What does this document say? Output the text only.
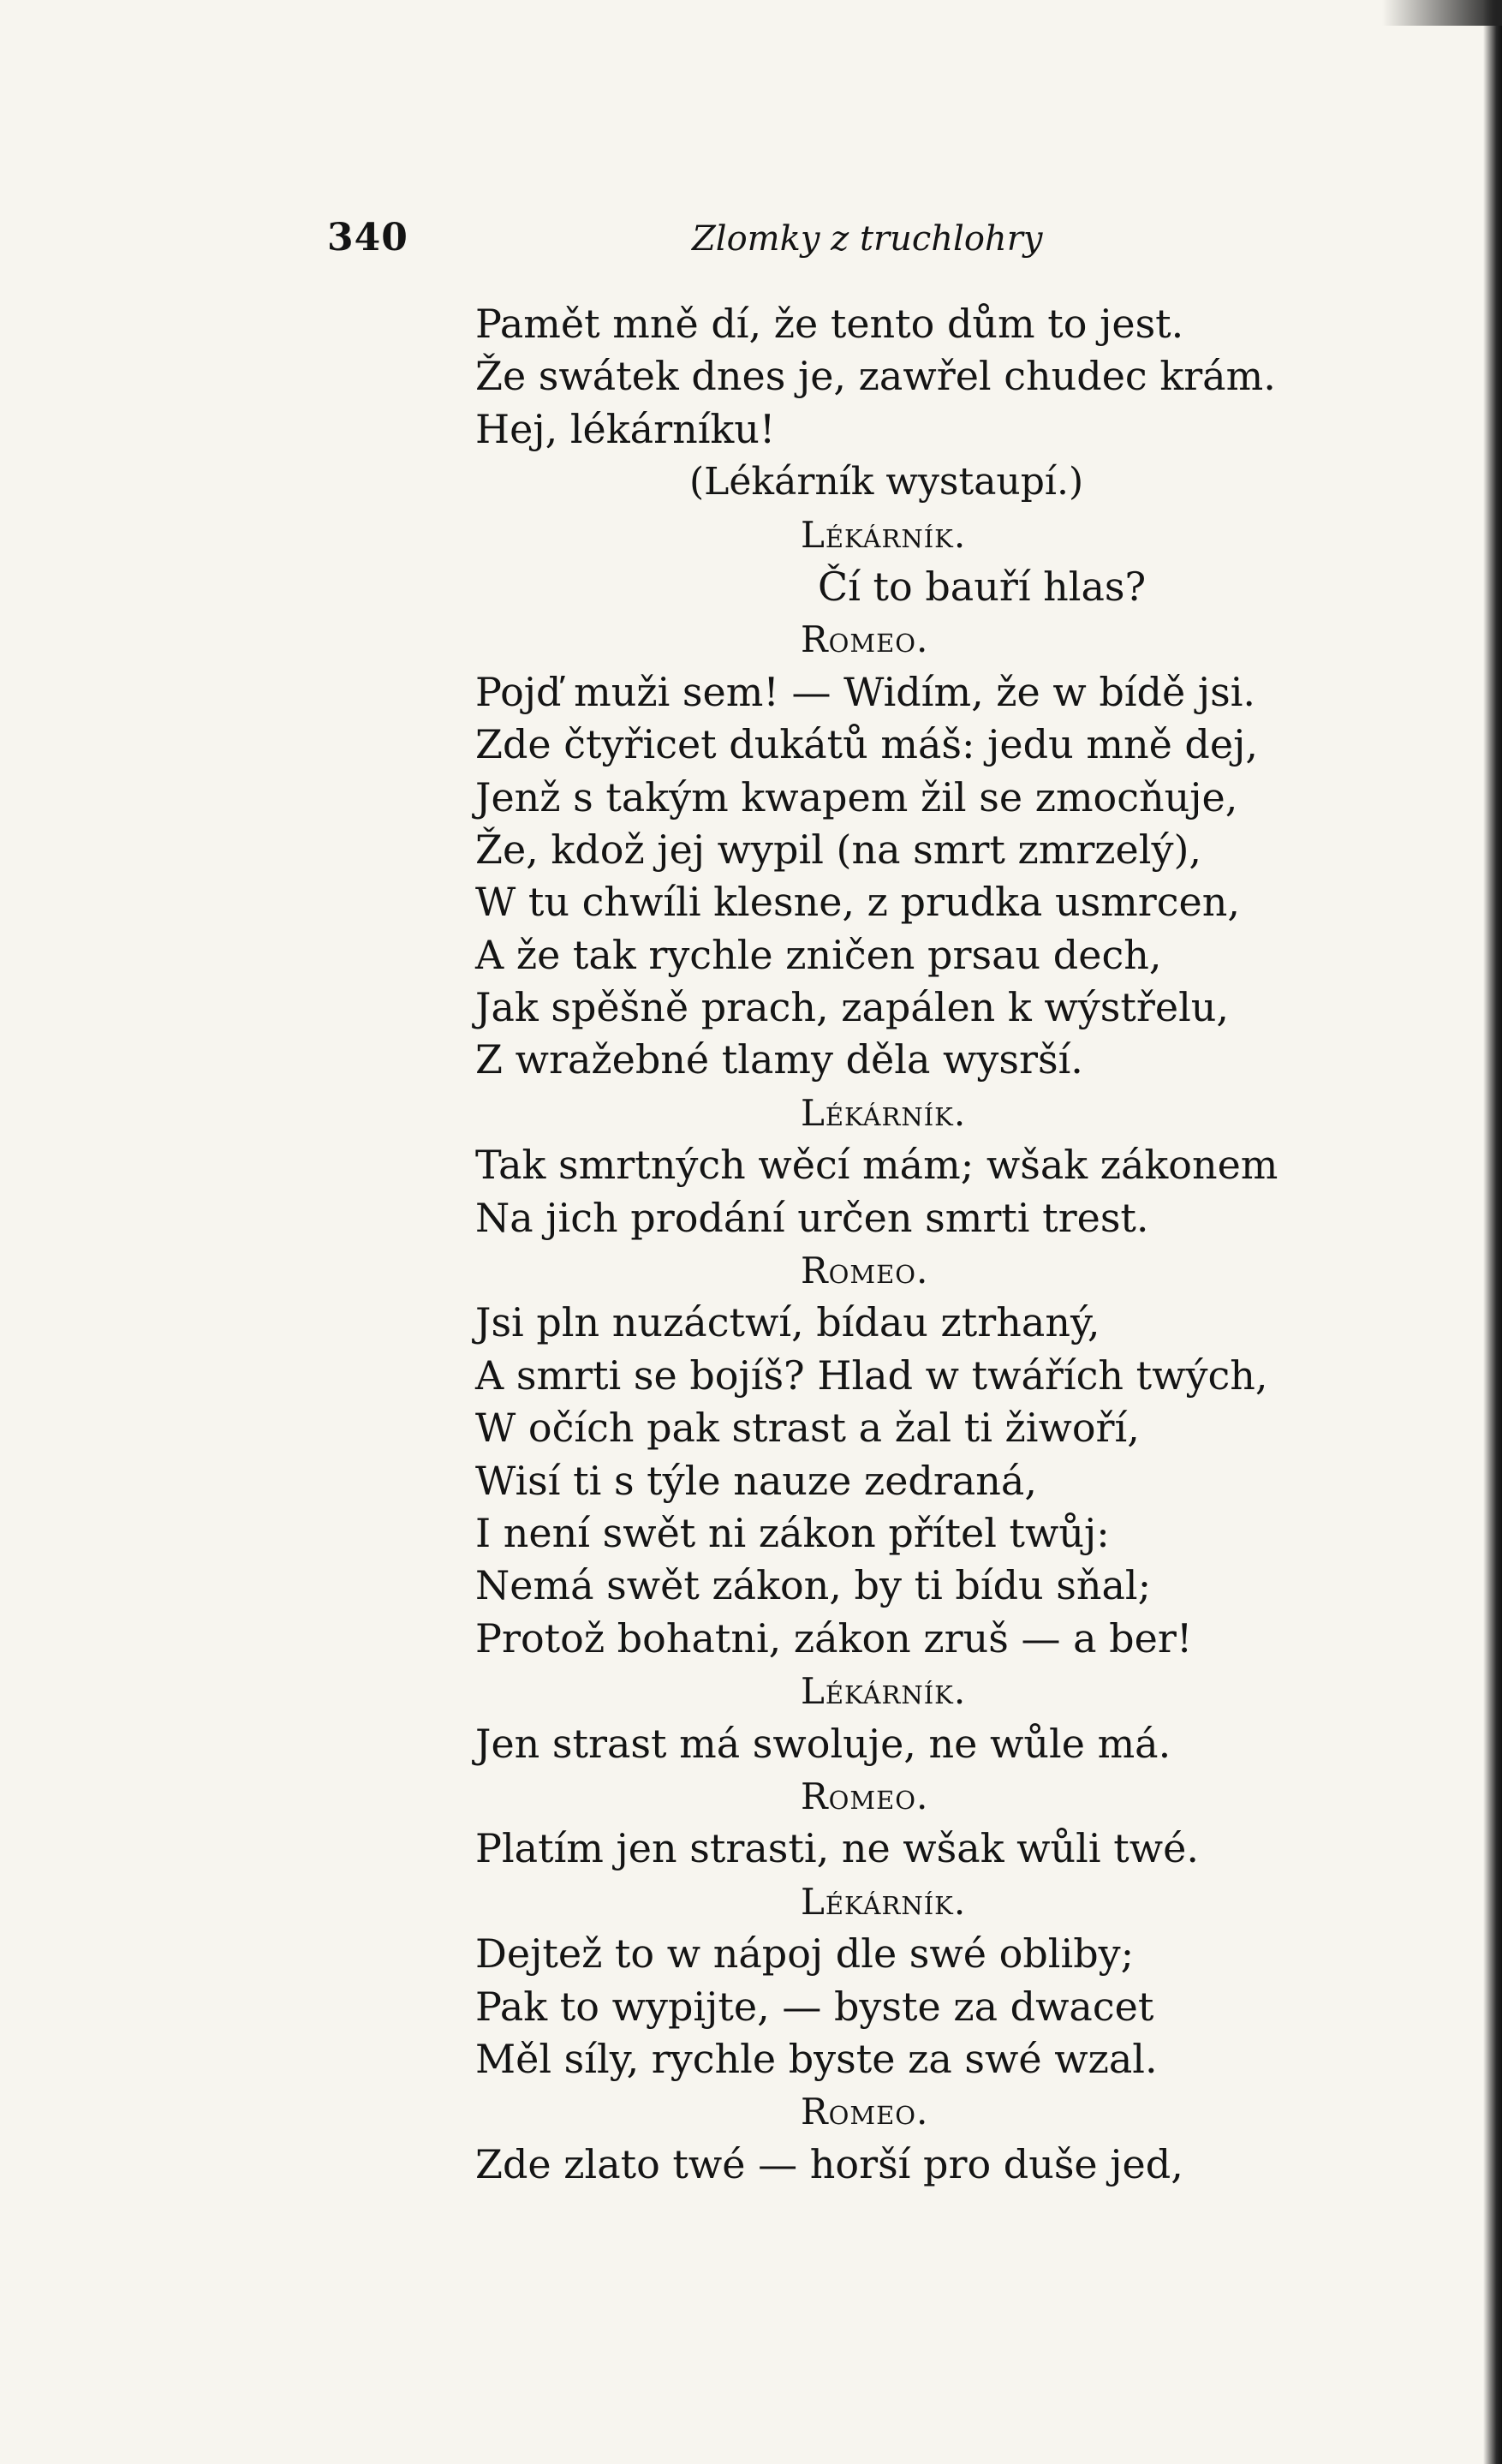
340	Zlomky z truchlohry
Pamět mně dí, že tento dům to jest.
Že swátek dnes je, zawřel chudec krám.
Hej, lékárníku!
(Lékárník wystaupí.)
Lékárník.
Čí to bauří hlas?
Romeo.
Pojď muži sem! — Widím, že w bídě jsi.
Zde čtyřicet dukátů máš: jedu mně dej,
Jenž s takým kwapem žil se zmocňuje,
Že, kdož jej wypil (na smrt zmrzelý),
W tu chwíli klesne, z prudka usmrcen,
A že tak rychle zničen prsau dech,
Jak spěšně prach, zapálen k wýstřelu,
Z wražebné tlamy děla wysrší.
Lékárník.
Tak smrtných wěcí mám; wšak zákonem
Na jich prodání určen smrti trest.
Romeo.
Jsi pln nuzáctwí, bídau ztrhaný,
A smrti se bojíš? Hlad w twářích twých,
W očích pak strast a žal ti žiwoří,
Wisí ti s týle nauze zedraná,
I není swět ni zákon přítel twůj:
Nemá swět zákon, by ti bídu sňal;
Protož bohatni, zákon zruš — a ber!
Lékárník.
Jen strast má swoluje, ne wůle má.
Romeo.
Platím jen strasti, ne wšak wůli twé.
Lékárník.
Dejtež to w nápoj dle swé obliby;
Pak to wypijte, — byste za dwacet
Měl síly, rychle byste za swé wzal.
Romeo.
Zde zlato twé — horší pro duše jed,
